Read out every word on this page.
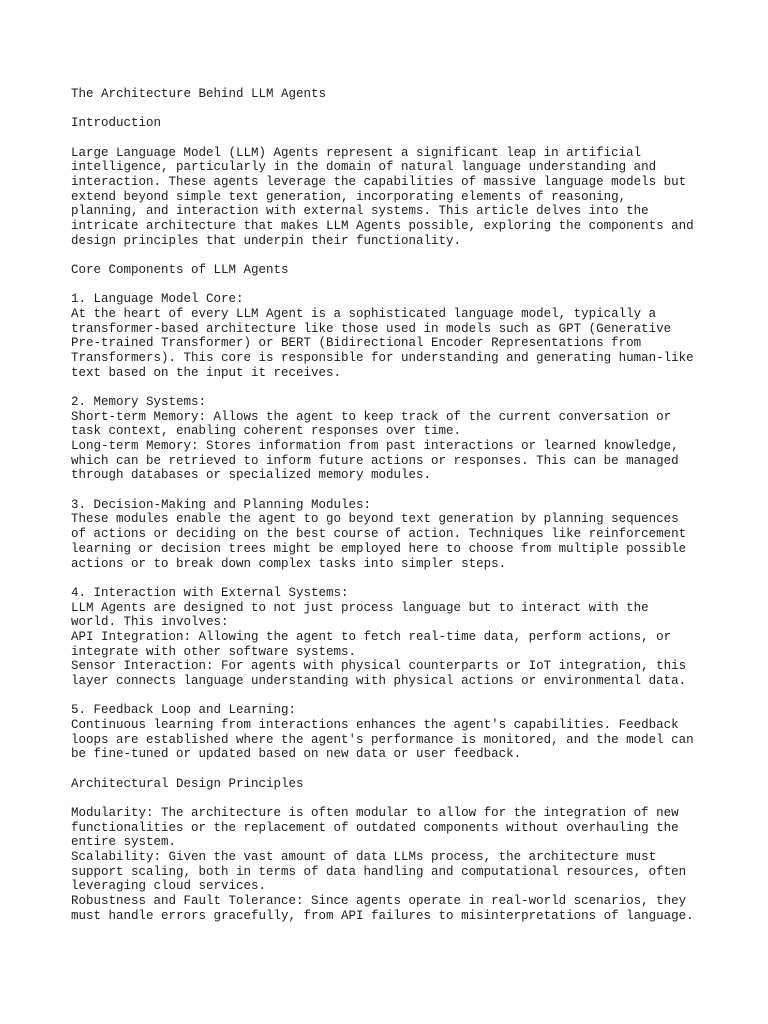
The Architecture Behind LLM Agents
Introduction
Large Language Model (LLM) Agents represent a significant leap in artificial
intelligence, particularly in the domain of natural language understanding and
interaction. These agents leverage the capabilities of massive language models but
extend beyond simple text generation, incorporating elements of reasoning,
planning, and interaction with external systems. This article delves into the
intricate architecture that makes LLM Agents possible, exploring the components and
design principles that underpin their functionality.
Core Components of LLM Agents
1. Language Model Core:
At the heart of every LLM Agent is a sophisticated language model, typically a
transformer-based architecture like those used in models such as GPT (Generative
Pre-trained Transformer) or BERT (Bidirectional Encoder Representations from
Transformers). This core is responsible for understanding and generating human-like
text based on the input it receives.
2. Memory Systems:
Short-term Memory: Allows the agent to keep track of the current conversation or
task context, enabling coherent responses over time.
Long-term Memory: Stores information from past interactions or learned knowledge,
which can be retrieved to inform future actions or responses. This can be managed
through databases or specialized memory modules.
3. Decision-Making and Planning Modules:
These modules enable the agent to go beyond text generation by planning sequences
of actions or deciding on the best course of action. Techniques like reinforcement
learning or decision trees might be employed here to choose from multiple possible
actions or to break down complex tasks into simpler steps.
4. Interaction with External Systems:
LLM Agents are designed to not just process language but to interact with the
world. This involves:
API Integration: Allowing the agent to fetch real-time data, perform actions, or
integrate with other software systems.
Sensor Interaction: For agents with physical counterparts or IoT integration, this
layer connects language understanding with physical actions or environmental data.
5. Feedback Loop and Learning:
Continuous learning from interactions enhances the agent's capabilities. Feedback
loops are established where the agent's performance is monitored, and the model can
be fine-tuned or updated based on new data or user feedback.
Architectural Design Principles
Modularity: The architecture is often modular to allow for the integration of new
functionalities or the replacement of outdated components without overhauling the
entire system.
Scalability: Given the vast amount of data LLMs process, the architecture must
support scaling, both in terms of data handling and computational resources, often
leveraging cloud services.
Robustness and Fault Tolerance: Since agents operate in real-world scenarios, they
must handle errors gracefully, from API failures to misinterpretations of language.
